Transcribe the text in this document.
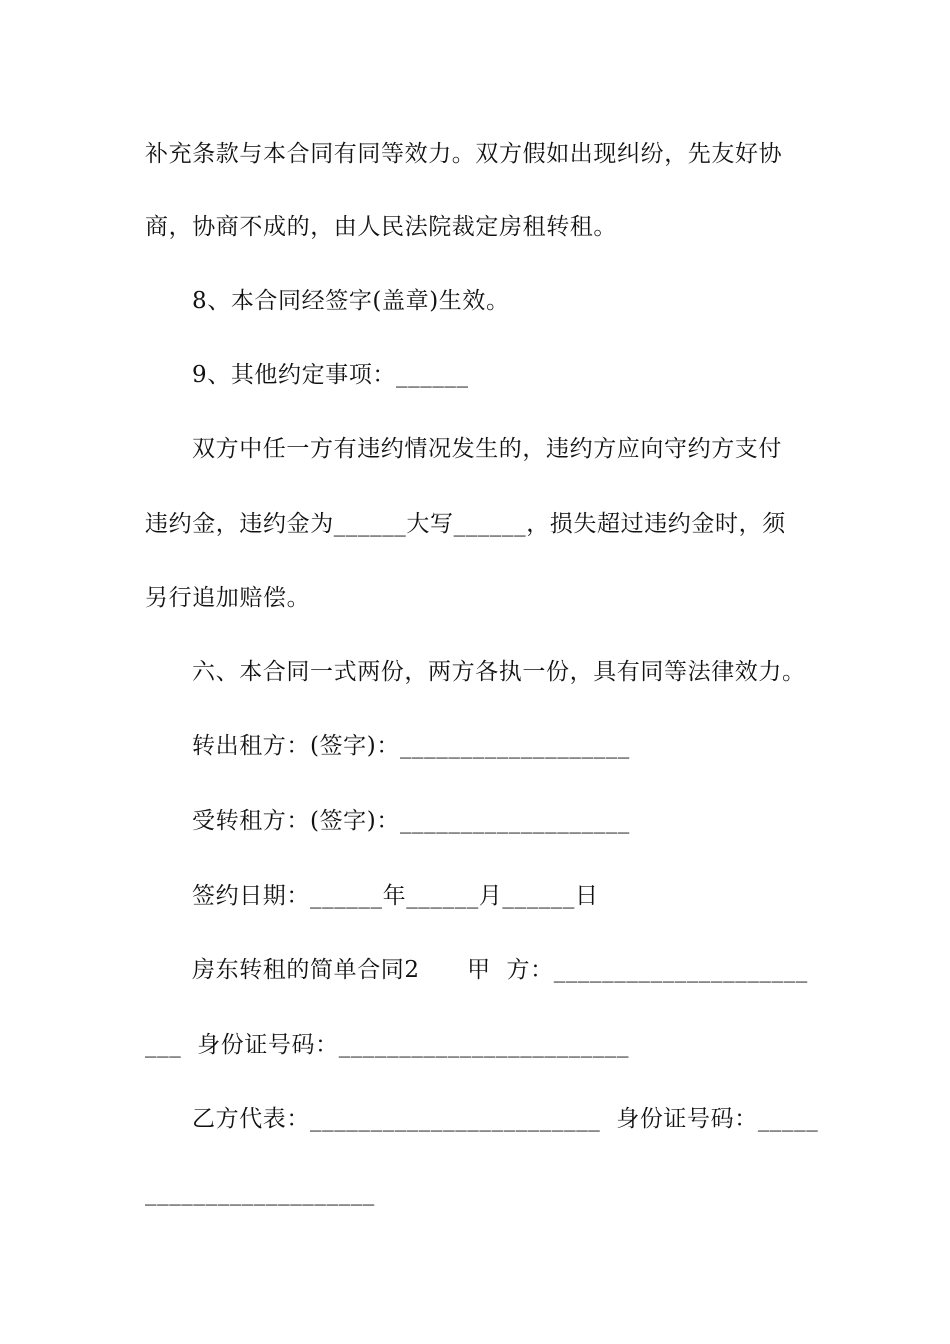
补充条款与本合同有同等效力。双方假如出现纠纷，先友好协
商，协商不成的，由人民法院裁定房租转租。
8、本合同经签字(盖章)生效。
9、其他约定事项：______
双方中任一方有违约情况发生的，违约方应向守约方支付
违约金，违约金为______大写______，损失超过违约金时，须
另行追加赔偿。
六、本合同一式两份，两方各执一份，具有同等法律效力。
转出租方：(签字)：___________________
受转租方：(签字)：___________________
签约日期：______年______月______日
房东转租的简单合同2      甲  方：_____________________
___  身份证号码：________________________
乙方代表：________________________  身份证号码：_____
___________________
